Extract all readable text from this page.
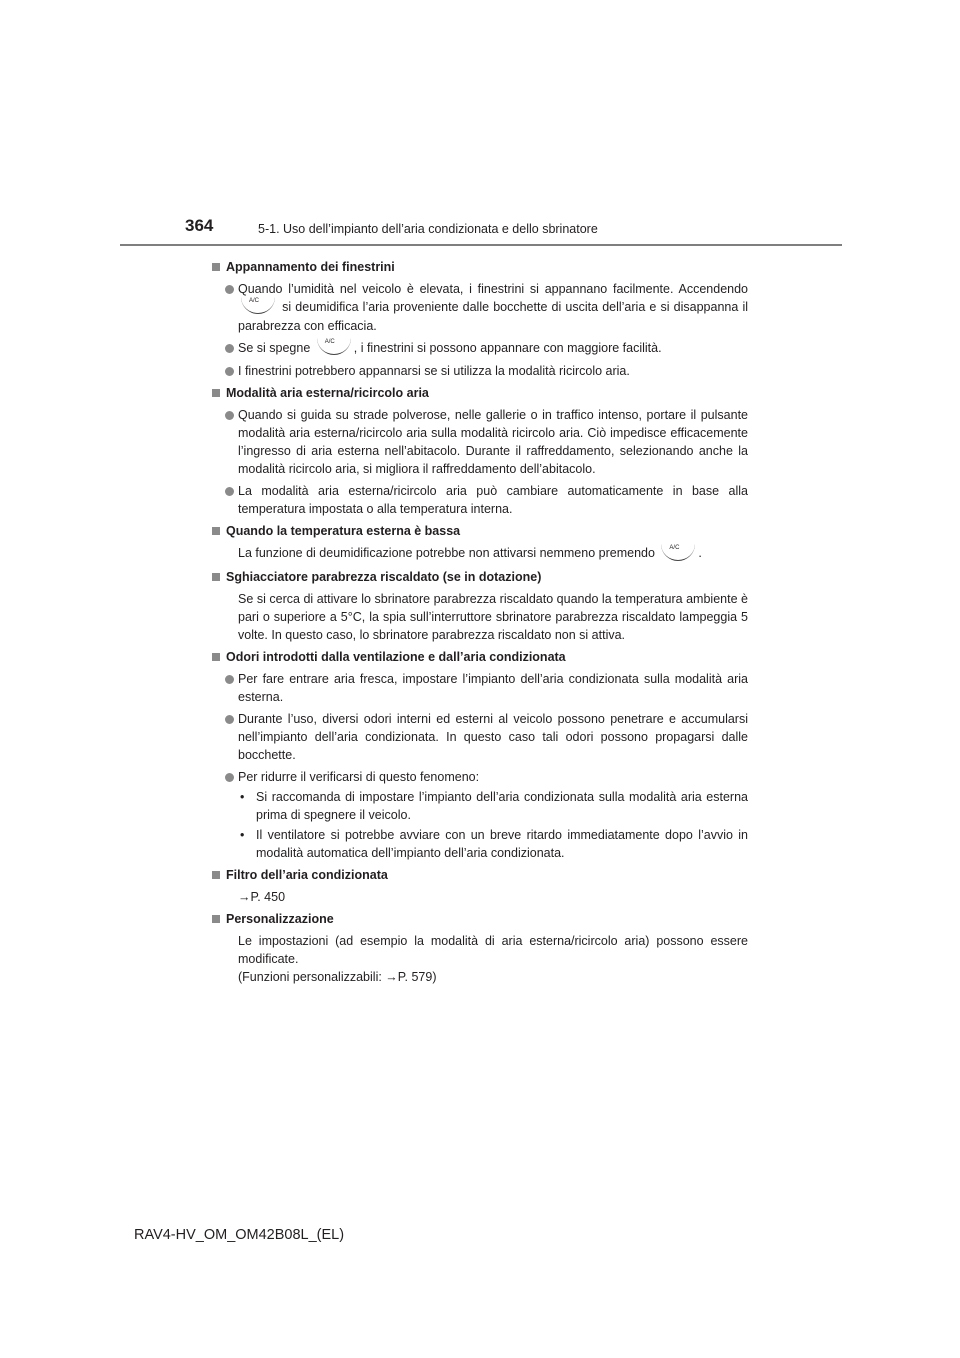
364	5-1. Uso dell’impianto dell’aria condizionata e dello sbrinatore
Appannamento dei finestrini
Quando l’umidità nel veicolo è elevata, i finestrini si appannano facilmente. Accendendo
A/C si deumidifica l’aria proveniente dalle bocchette di uscita dell’aria e si disappanna il parabrezza con efficacia.
Se si spegne A/C , i finestrini si possono appannare con maggiore facilità.
I finestrini potrebbero appannarsi se si utilizza la modalità ricircolo aria.
Modalità aria esterna/ricircolo aria
Quando si guida su strade polverose, nelle gallerie o in traffico intenso, portare il pulsante modalità aria esterna/ricircolo aria sulla modalità ricircolo aria. Ciò impedisce efficacemente l’ingresso di aria esterna nell’abitacolo. Durante il raffreddamento, selezionando anche la modalità ricircolo aria, si migliora il raffreddamento dell’abitacolo.
La modalità aria esterna/ricircolo aria può cambiare automaticamente in base alla temperatura impostata o alla temperatura interna.
Quando la temperatura esterna è bassa
La funzione di deumidificazione potrebbe non attivarsi nemmeno premendo A/C .
Sghiacciatore parabrezza riscaldato (se in dotazione)
Se si cerca di attivare lo sbrinatore parabrezza riscaldato quando la temperatura ambiente è pari o superiore a 5°C, la spia sull’interruttore sbrinatore parabrezza riscaldato lampeggia 5 volte. In questo caso, lo sbrinatore parabrezza riscaldato non si attiva.
Odori introdotti dalla ventilazione e dall’aria condizionata
Per fare entrare aria fresca, impostare l’impianto dell’aria condizionata sulla modalità aria esterna.
Durante l’uso, diversi odori interni ed esterni al veicolo possono penetrare e accumularsi nell’impianto dell’aria condizionata. In questo caso tali odori possono propagarsi dalle bocchette.
Per ridurre il verificarsi di questo fenomeno:
• Si raccomanda di impostare l’impianto dell’aria condizionata sulla modalità aria esterna prima di spegnere il veicolo.
• Il ventilatore si potrebbe avviare con un breve ritardo immediatamente dopo l’avvio in modalità automatica dell’impianto dell’aria condizionata.
Filtro dell’aria condizionata
→P. 450
Personalizzazione
Le impostazioni (ad esempio la modalità di aria esterna/ricircolo aria) possono essere modificate.
(Funzioni personalizzabili: →P. 579)
RAV4-HV_OM_OM42B08L_(EL)
